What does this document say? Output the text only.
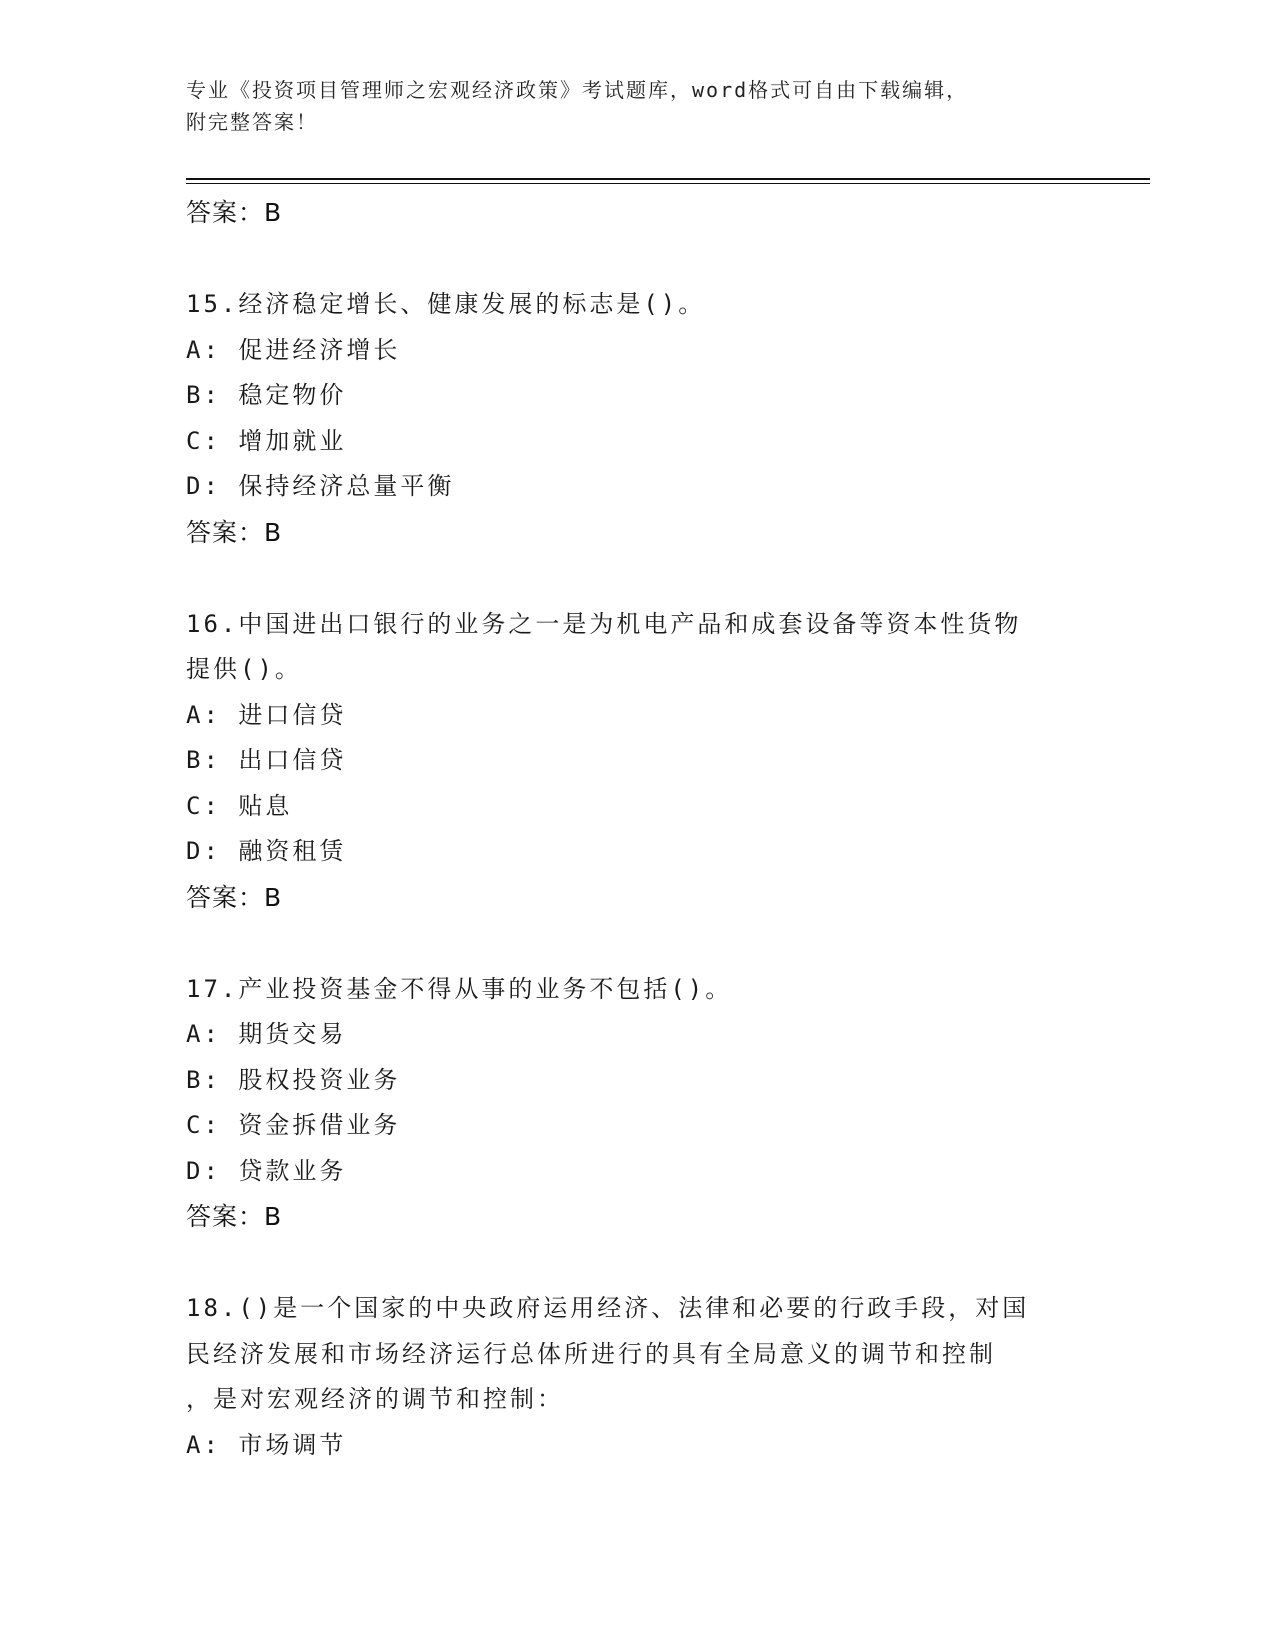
专业《投资项目管理师之宏观经济政策》考试题库，word格式可自由下载编辑，

附完整答案！

答案：B
15.经济稳定增长、健康发展的标志是()。
A: 促进经济增长
B: 稳定物价
C: 增加就业
D: 保持经济总量平衡
答案：B
16.中国进出口银行的业务之一是为机电产品和成套设备等资本性货物
提供()。
A: 进口信贷
B: 出口信贷
C: 贴息
D: 融资租赁
答案：B
17.产业投资基金不得从事的业务不包括()。
A: 期货交易
B: 股权投资业务
C: 资金拆借业务
D: 贷款业务
答案：B
18.()是一个国家的中央政府运用经济、法律和必要的行政手段，对国
民经济发展和市场经济运行总体所进行的具有全局意义的调节和控制
，是对宏观经济的调节和控制：
A: 市场调节
